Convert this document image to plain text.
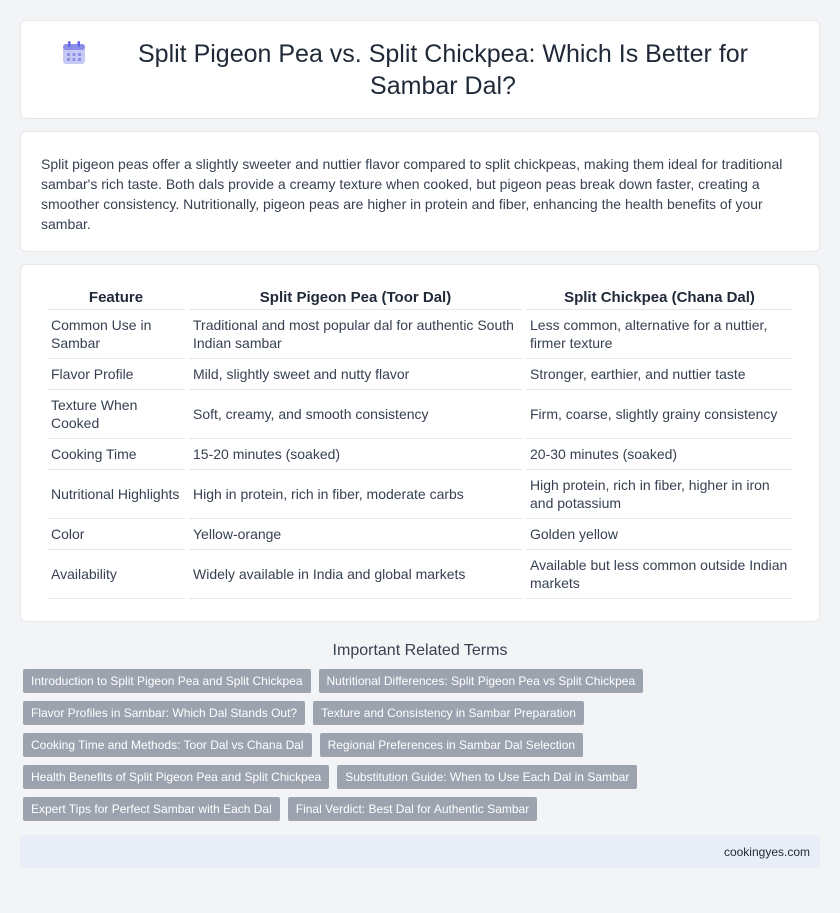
Split Pigeon Pea vs. Split Chickpea: Which Is Better for Sambar Dal?

Split pigeon peas offer a slightly sweeter and nuttier flavor compared to split chickpeas, making them ideal for traditional sambar's rich taste. Both dals provide a creamy texture when cooked, but pigeon peas break down faster, creating a smoother consistency. Nutritionally, pigeon peas are higher in protein and fiber, enhancing the health benefits of your sambar.

Feature	Split Pigeon Pea (Toor Dal)	Split Chickpea (Chana Dal)
Common Use in Sambar	Traditional and most popular dal for authentic South Indian sambar	Less common, alternative for a nuttier, firmer texture
Flavor Profile	Mild, slightly sweet and nutty flavor	Stronger, earthier, and nuttier taste
Texture When Cooked	Soft, creamy, and smooth consistency	Firm, coarse, slightly grainy consistency
Cooking Time	15-20 minutes (soaked)	20-30 minutes (soaked)
Nutritional Highlights	High in protein, rich in fiber, moderate carbs	High protein, rich in fiber, higher in iron and potassium
Color	Yellow-orange	Golden yellow
Availability	Widely available in India and global markets	Available but less common outside Indian markets
Important Related Terms
Introduction to Split Pigeon Pea and Split Chickpea	Nutritional Differences: Split Pigeon Pea vs Split Chickpea
Flavor Profiles in Sambar: Which Dal Stands Out?	Texture and Consistency in Sambar Preparation
Cooking Time and Methods: Toor Dal vs Chana Dal	Regional Preferences in Sambar Dal Selection
Health Benefits of Split Pigeon Pea and Split Chickpea	Substitution Guide: When to Use Each Dal in Sambar
Expert Tips for Perfect Sambar with Each Dal	Final Verdict: Best Dal for Authentic Sambar
cookingyes.com
